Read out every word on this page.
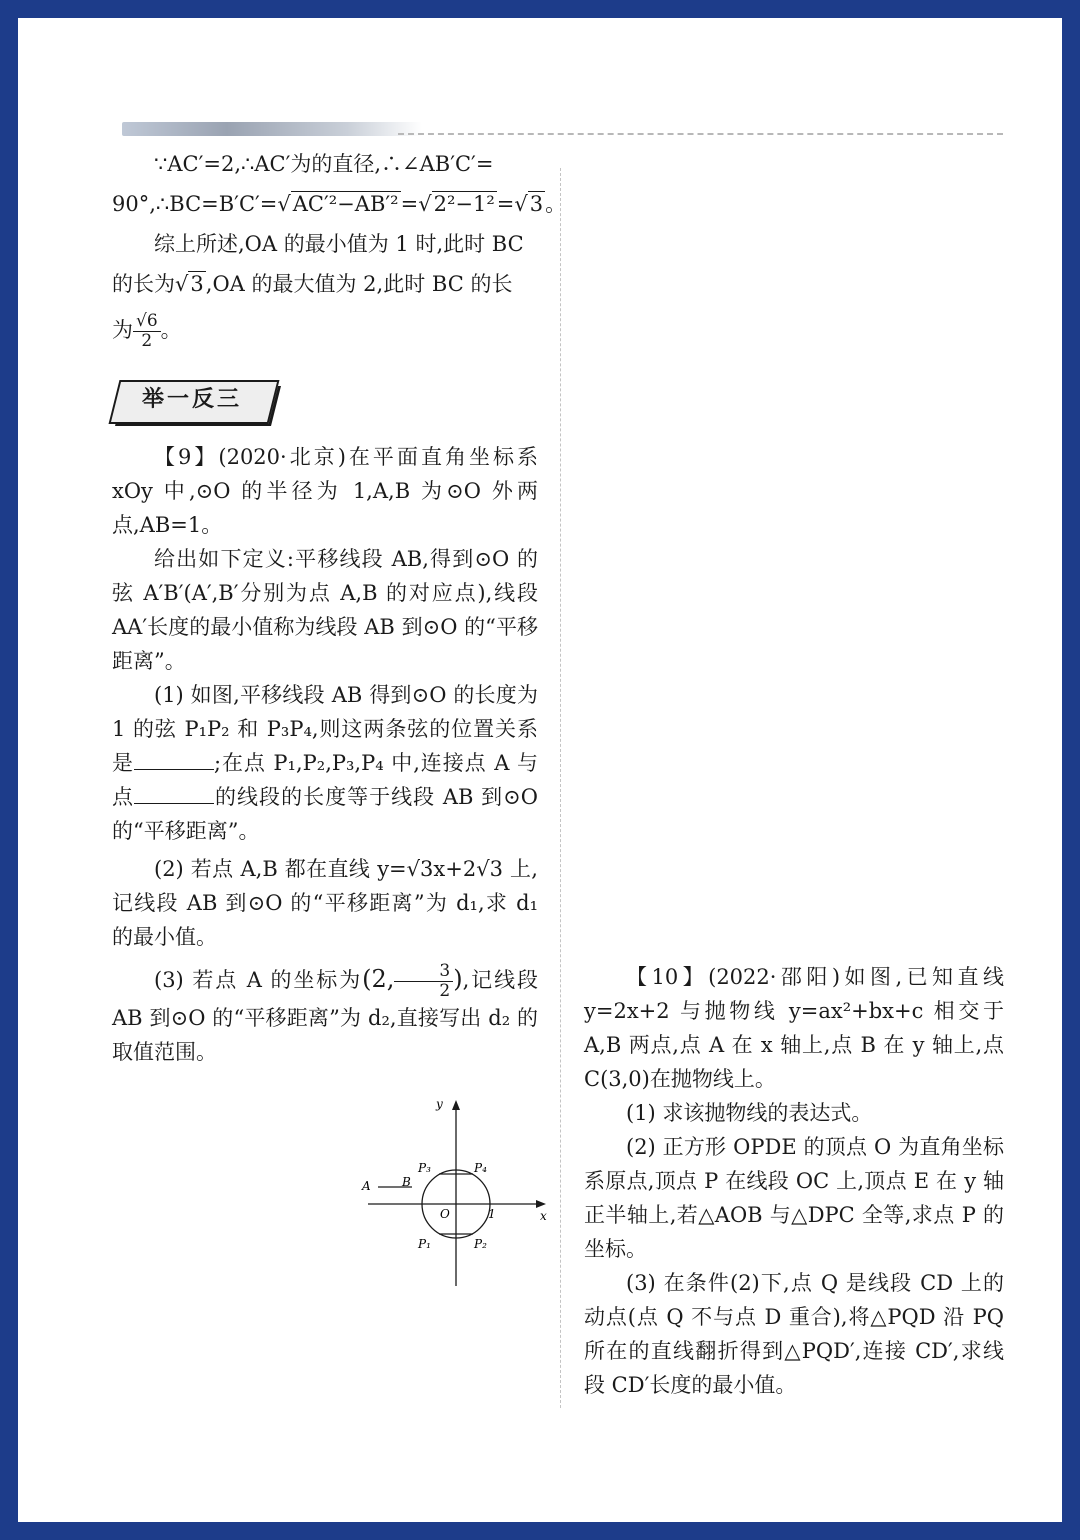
∵AC′=2,∴AC′为的直径,∴∠AB′C′=

90°,∴BC=B′C′=√AC′²−AB′²=√2²−1²=√3。

综上所述,OA 的最小值为 1 时,此时 BC

的长为√3,OA 的最大值为 2,此时 BC 的长

为 $\frac{√6}{2}$ 。

举一反三

【9】(2020·北京)在平面直角坐标系 xOy 中,⊙O 的半径为 1,A,B 为⊙O 外两点,AB=1。

给出如下定义:平移线段 AB,得到⊙O 的弦 A′B′(A′,B′分别为点 A,B 的对应点),线段 AA′长度的最小值称为线段 AB 到⊙O 的“平移距离”。

(1) 如图,平移线段 AB 得到⊙O 的长度为 1 的弦 P₁P₂ 和 P₃P₄,则这两条弦的位置关系是	;在点 P₁,P₂,P₃,P₄ 中,连接点 A 与点	的线段的长度等于线段 AB 到⊙O 的“平移距离”。

(2) 若点 A,B 都在直线 y=√3x+2√3 上,记线段 AB 到⊙O 的“平移距离”为 d₁,求 d₁ 的最小值。

(3) 若点 A 的坐标为(2, $\frac{3}{2}$ ),记线段 AB 到⊙O 的“平移距离”为 d₂,直接写出 d₂ 的取值范围。

y
x
A	B
P₃	P₄
P₁	P₂
O	1

【10】(2022·邵阳)如图,已知直线 y=2x+2 与抛物线 y=ax²+bx+c 相交于 A,B 两点,点 A 在 x 轴上,点 B 在 y 轴上,点 C(3,0)在抛物线上。

(1) 求该抛物线的表达式。

(2) 正方形 OPDE 的顶点 O 为直角坐标系原点,顶点 P 在线段 OC 上,顶点 E 在 y 轴正半轴上,若△AOB 与△DPC 全等,求点 P 的坐标。

(3) 在条件(2)下,点 Q 是线段 CD 上的动点(点 Q 不与点 D 重合),将△PQD 沿 PQ 所在的直线翻折得到△PQD′,连接 CD′,求线段 CD′长度的最小值。
